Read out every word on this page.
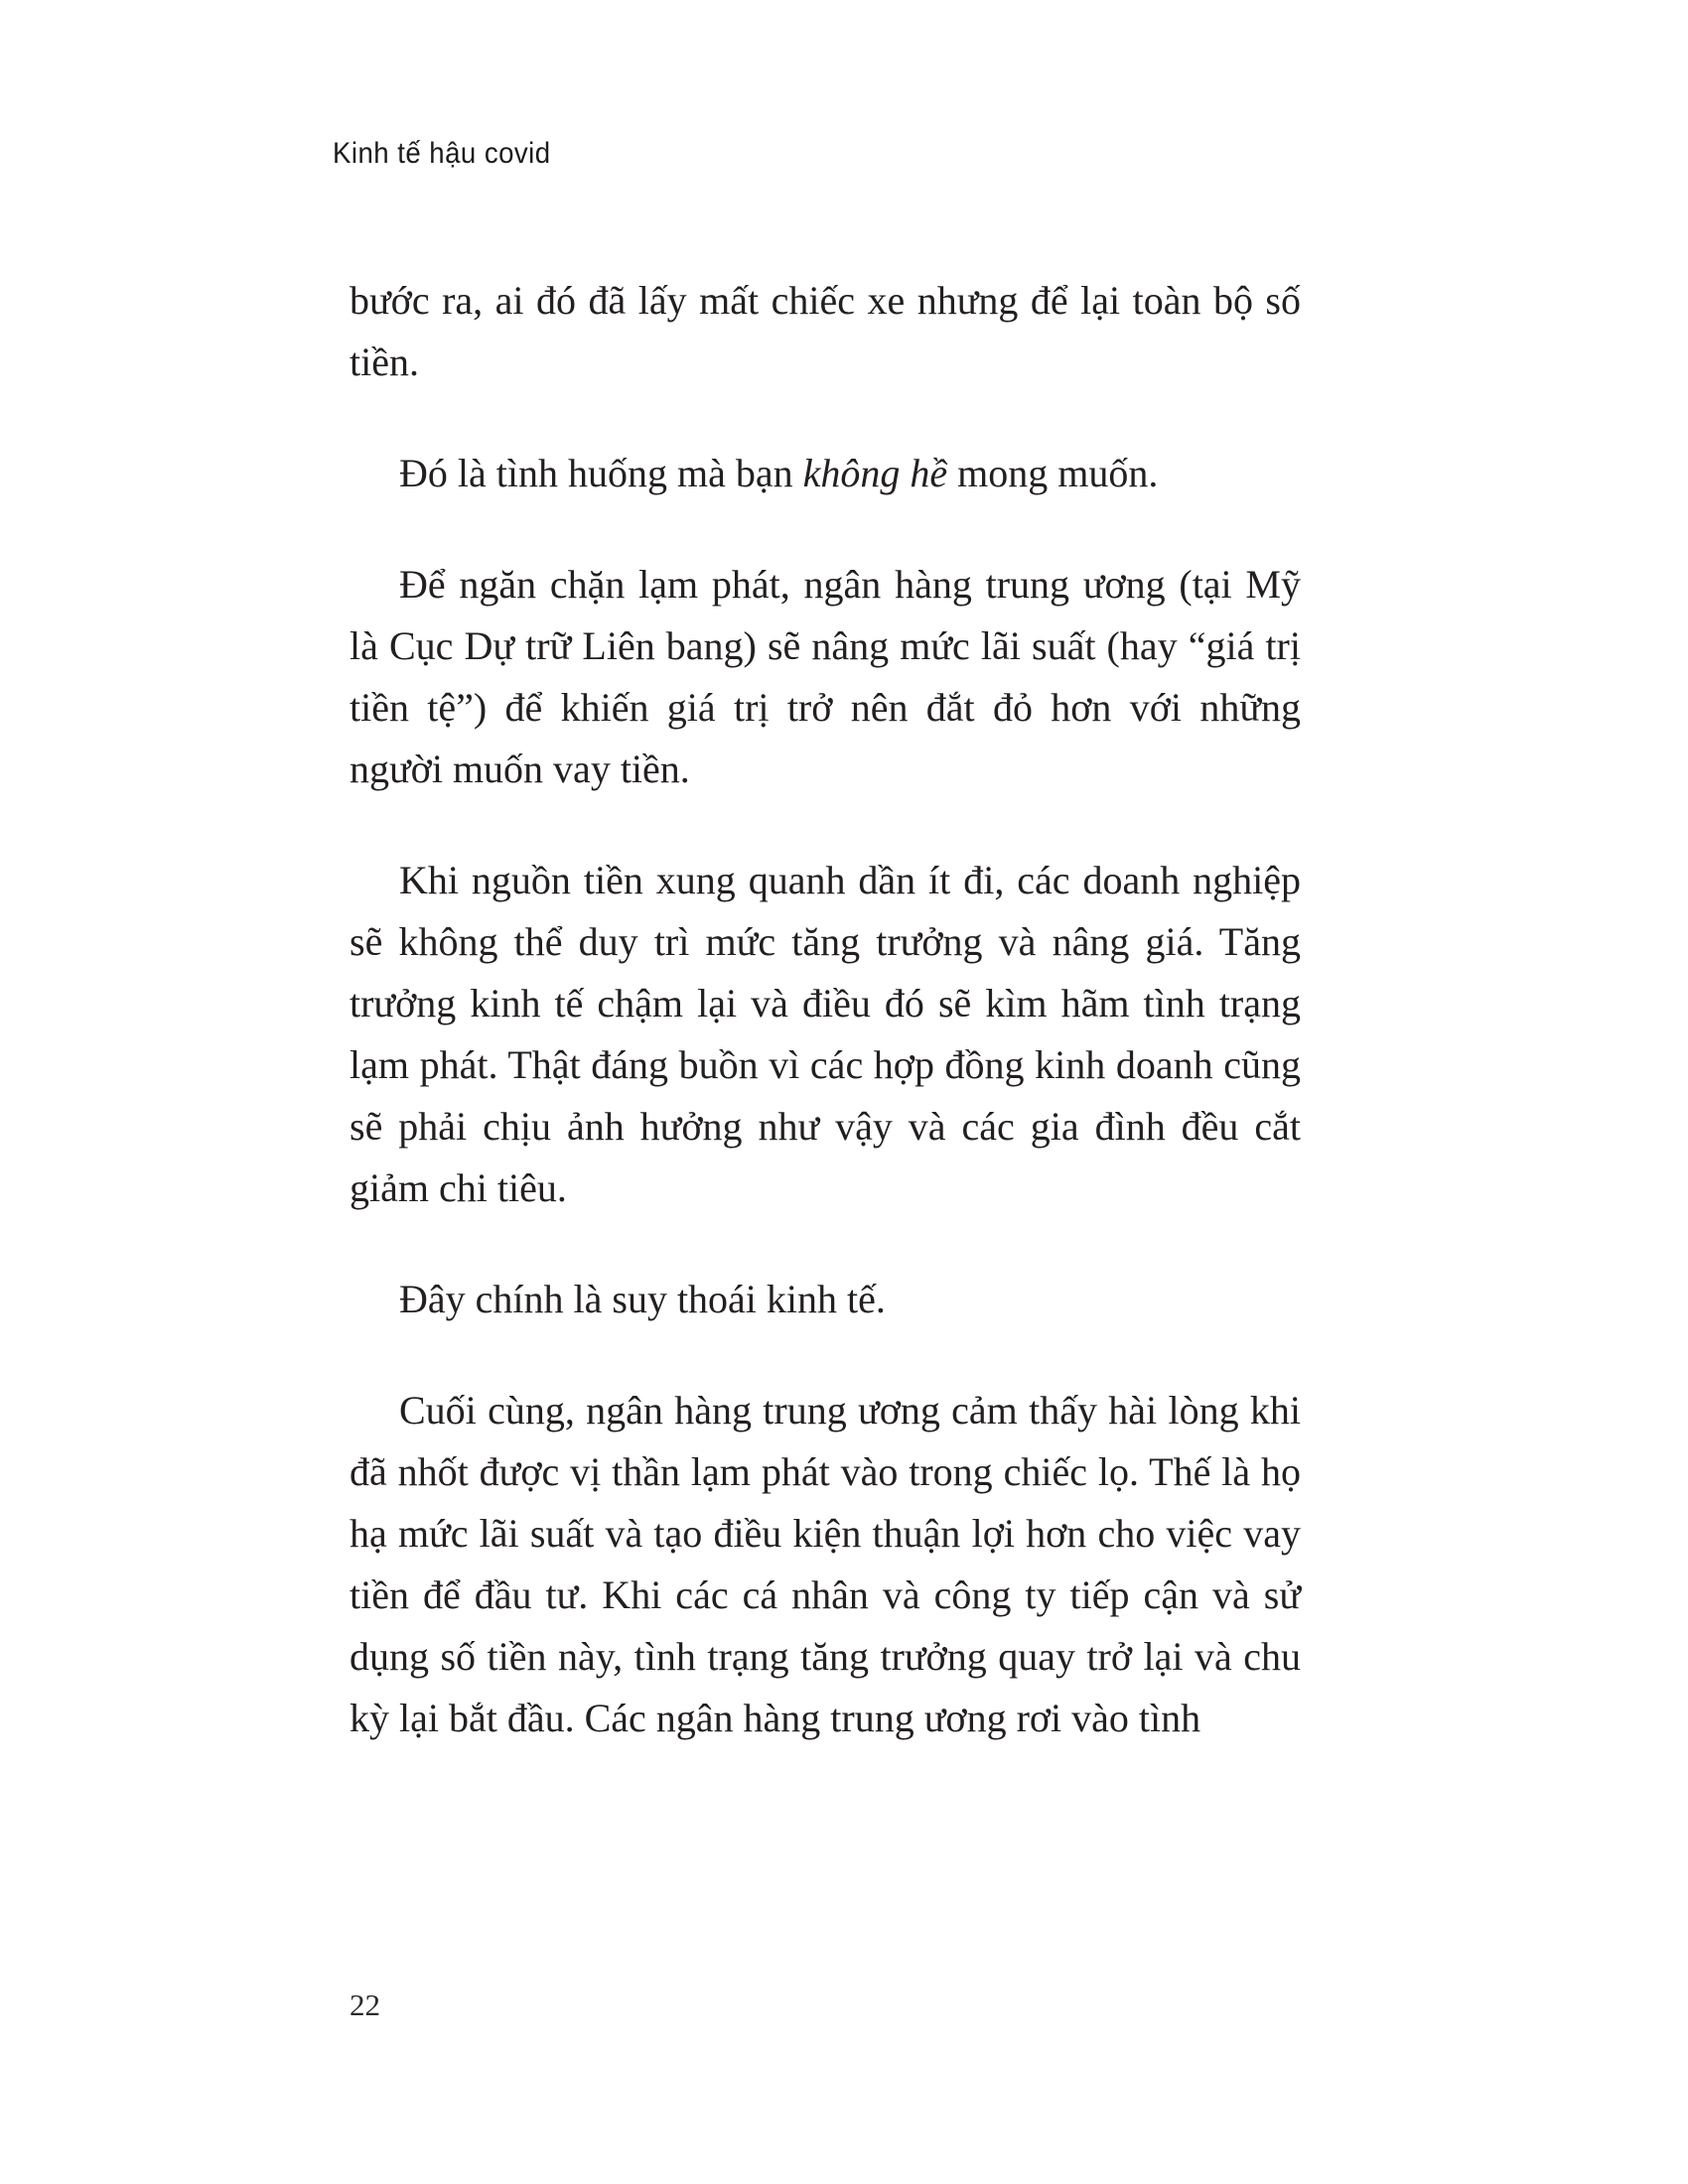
Kinh tế hậu covid

bước ra, ai đó đã lấy mất chiếc xe nhưng để lại toàn bộ số tiền.

Đó là tình huống mà bạn không hề mong muốn.

Để ngăn chặn lạm phát, ngân hàng trung ương (tại Mỹ là Cục Dự trữ Liên bang) sẽ nâng mức lãi suất (hay “giá trị tiền tệ”) để khiến giá trị trở nên đắt đỏ hơn với những người muốn vay tiền.

Khi nguồn tiền xung quanh dần ít đi, các doanh nghiệp sẽ không thể duy trì mức tăng trưởng và nâng giá. Tăng trưởng kinh tế chậm lại và điều đó sẽ kìm hãm tình trạng lạm phát. Thật đáng buồn vì các hợp đồng kinh doanh cũng sẽ phải chịu ảnh hưởng như vậy và các gia đình đều cắt giảm chi tiêu.

Đây chính là suy thoái kinh tế.

Cuối cùng, ngân hàng trung ương cảm thấy hài lòng khi đã nhốt được vị thần lạm phát vào trong chiếc lọ. Thế là họ hạ mức lãi suất và tạo điều kiện thuận lợi hơn cho việc vay tiền để đầu tư. Khi các cá nhân và công ty tiếp cận và sử dụng số tiền này, tình trạng tăng trưởng quay trở lại và chu kỳ lại bắt đầu. Các ngân hàng trung ương rơi vào tình

22
